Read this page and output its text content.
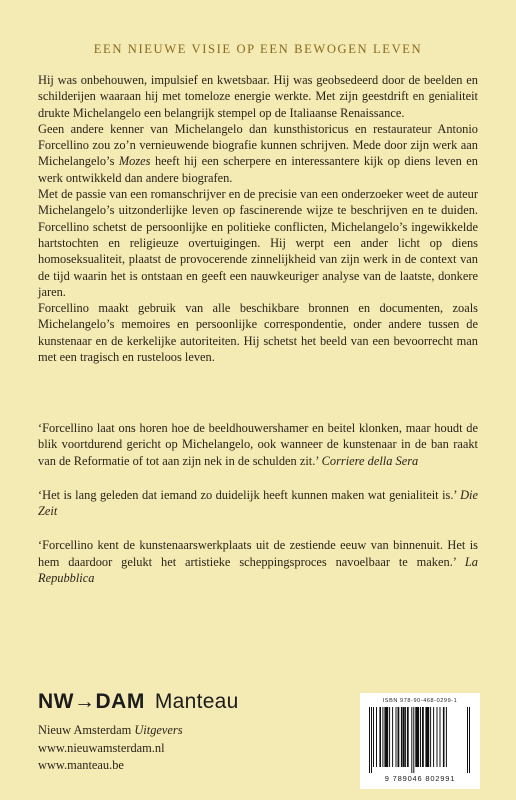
EEN NIEUWE VISIE OP EEN BEWOGEN LEVEN

Hij was onbehouwen, impulsief en kwetsbaar. Hij was geobsedeerd door de beelden en schilderijen waaraan hij met tomeloze energie werkte. Met zijn geestdrift en genialiteit drukte Michelangelo een belangrijk stempel op de Italiaanse Renaissance.

Geen andere kenner van Michelangelo dan kunsthistoricus en restaurateur Antonio Forcellino zou zo’n vernieuwende biografie kunnen schrijven. Mede door zijn werk aan Michelangelo’s Mozes heeft hij een scherpere en interessantere kijk op diens leven en werk ontwikkeld dan andere biografen.

Met de passie van een romanschrijver en de precisie van een onderzoeker weet de auteur Michelangelo’s uitzonderlijke leven op fascinerende wijze te beschrijven en te duiden. Forcellino schetst de persoonlijke en politieke conflicten, Michelangelo’s ingewikkelde hartstochten en religieuze overtuigingen. Hij werpt een ander licht op diens homoseksualiteit, plaatst de provocerende zinnelijkheid van zijn werk in de context van de tijd waarin het is ontstaan en geeft een nauwkeuriger analyse van de laatste, donkere jaren.

Forcellino maakt gebruik van alle beschikbare bronnen en documenten, zoals Michelangelo’s memoires en persoonlijke correspondentie, onder andere tussen de kunstenaar en de kerkelijke autoriteiten. Hij schetst het beeld van een bevoorrecht man met een tragisch en rusteloos leven.

‘Forcellino laat ons horen hoe de beeldhouwershamer en beitel klonken, maar houdt de blik voortdurend gericht op Michelangelo, ook wanneer de kunstenaar in de ban raakt van de Reformatie of tot aan zijn nek in de schulden zit.’ Corriere della Sera

‘Het is lang geleden dat iemand zo duidelijk heeft kunnen maken wat genialiteit is.’ Die Zeit

‘Forcellino kent de kunstenaarswerkplaats uit de zestiende eeuw van binnenuit. Het is hem daardoor gelukt het artistieke scheppingsproces navoelbaar te maken.’ La Repubblica

NW→DAM Manteau
Nieuw Amsterdam Uitgevers
www.nieuwamsterdam.nl
www.manteau.be
ISBN 978-90-468-0299-1
9 789046 802991
